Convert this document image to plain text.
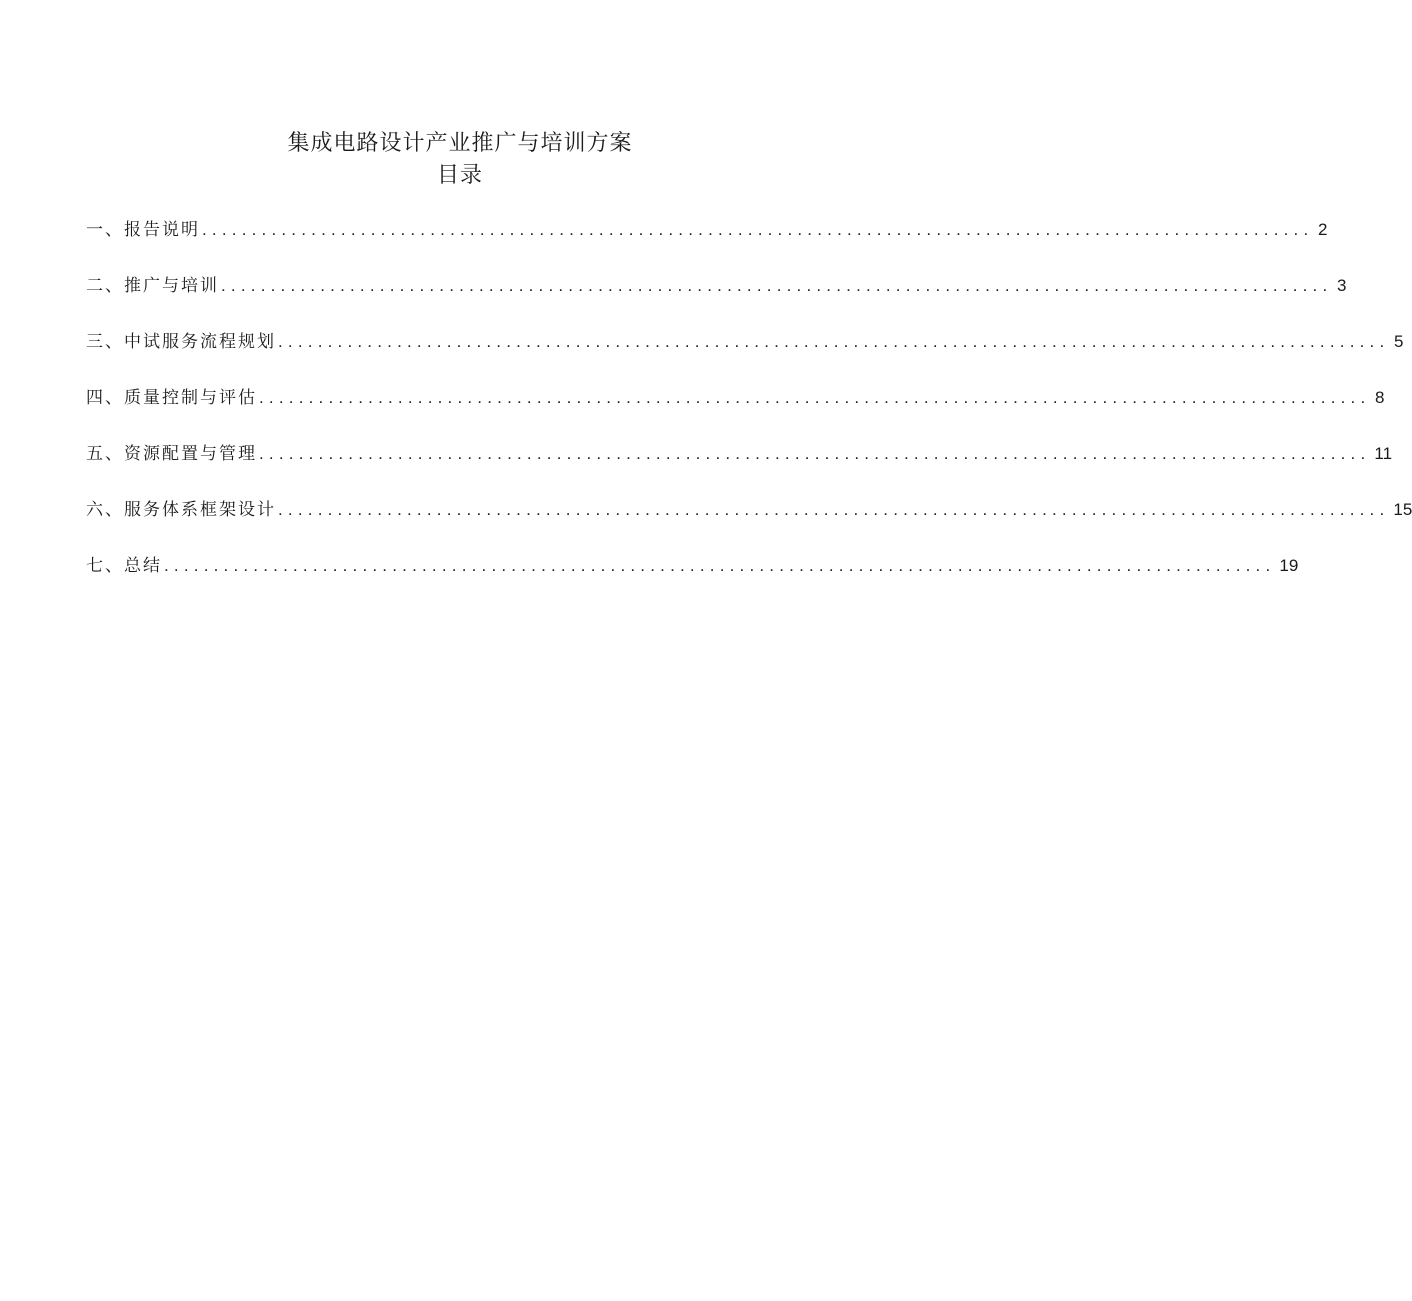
集成电路设计产业推广与培训方案
目录
一、报告说明 ................................................................................................................ 2
二、推广与培训 ................................................................................................................ 3
三、中试服务流程规划 ................................................................................................................ 5
四、质量控制与评估 ................................................................................................................ 8
五、资源配置与管理 ................................................................................................................ 11
六、服务体系框架设计 ................................................................................................................ 15
七、总结 ................................................................................................................ 19
